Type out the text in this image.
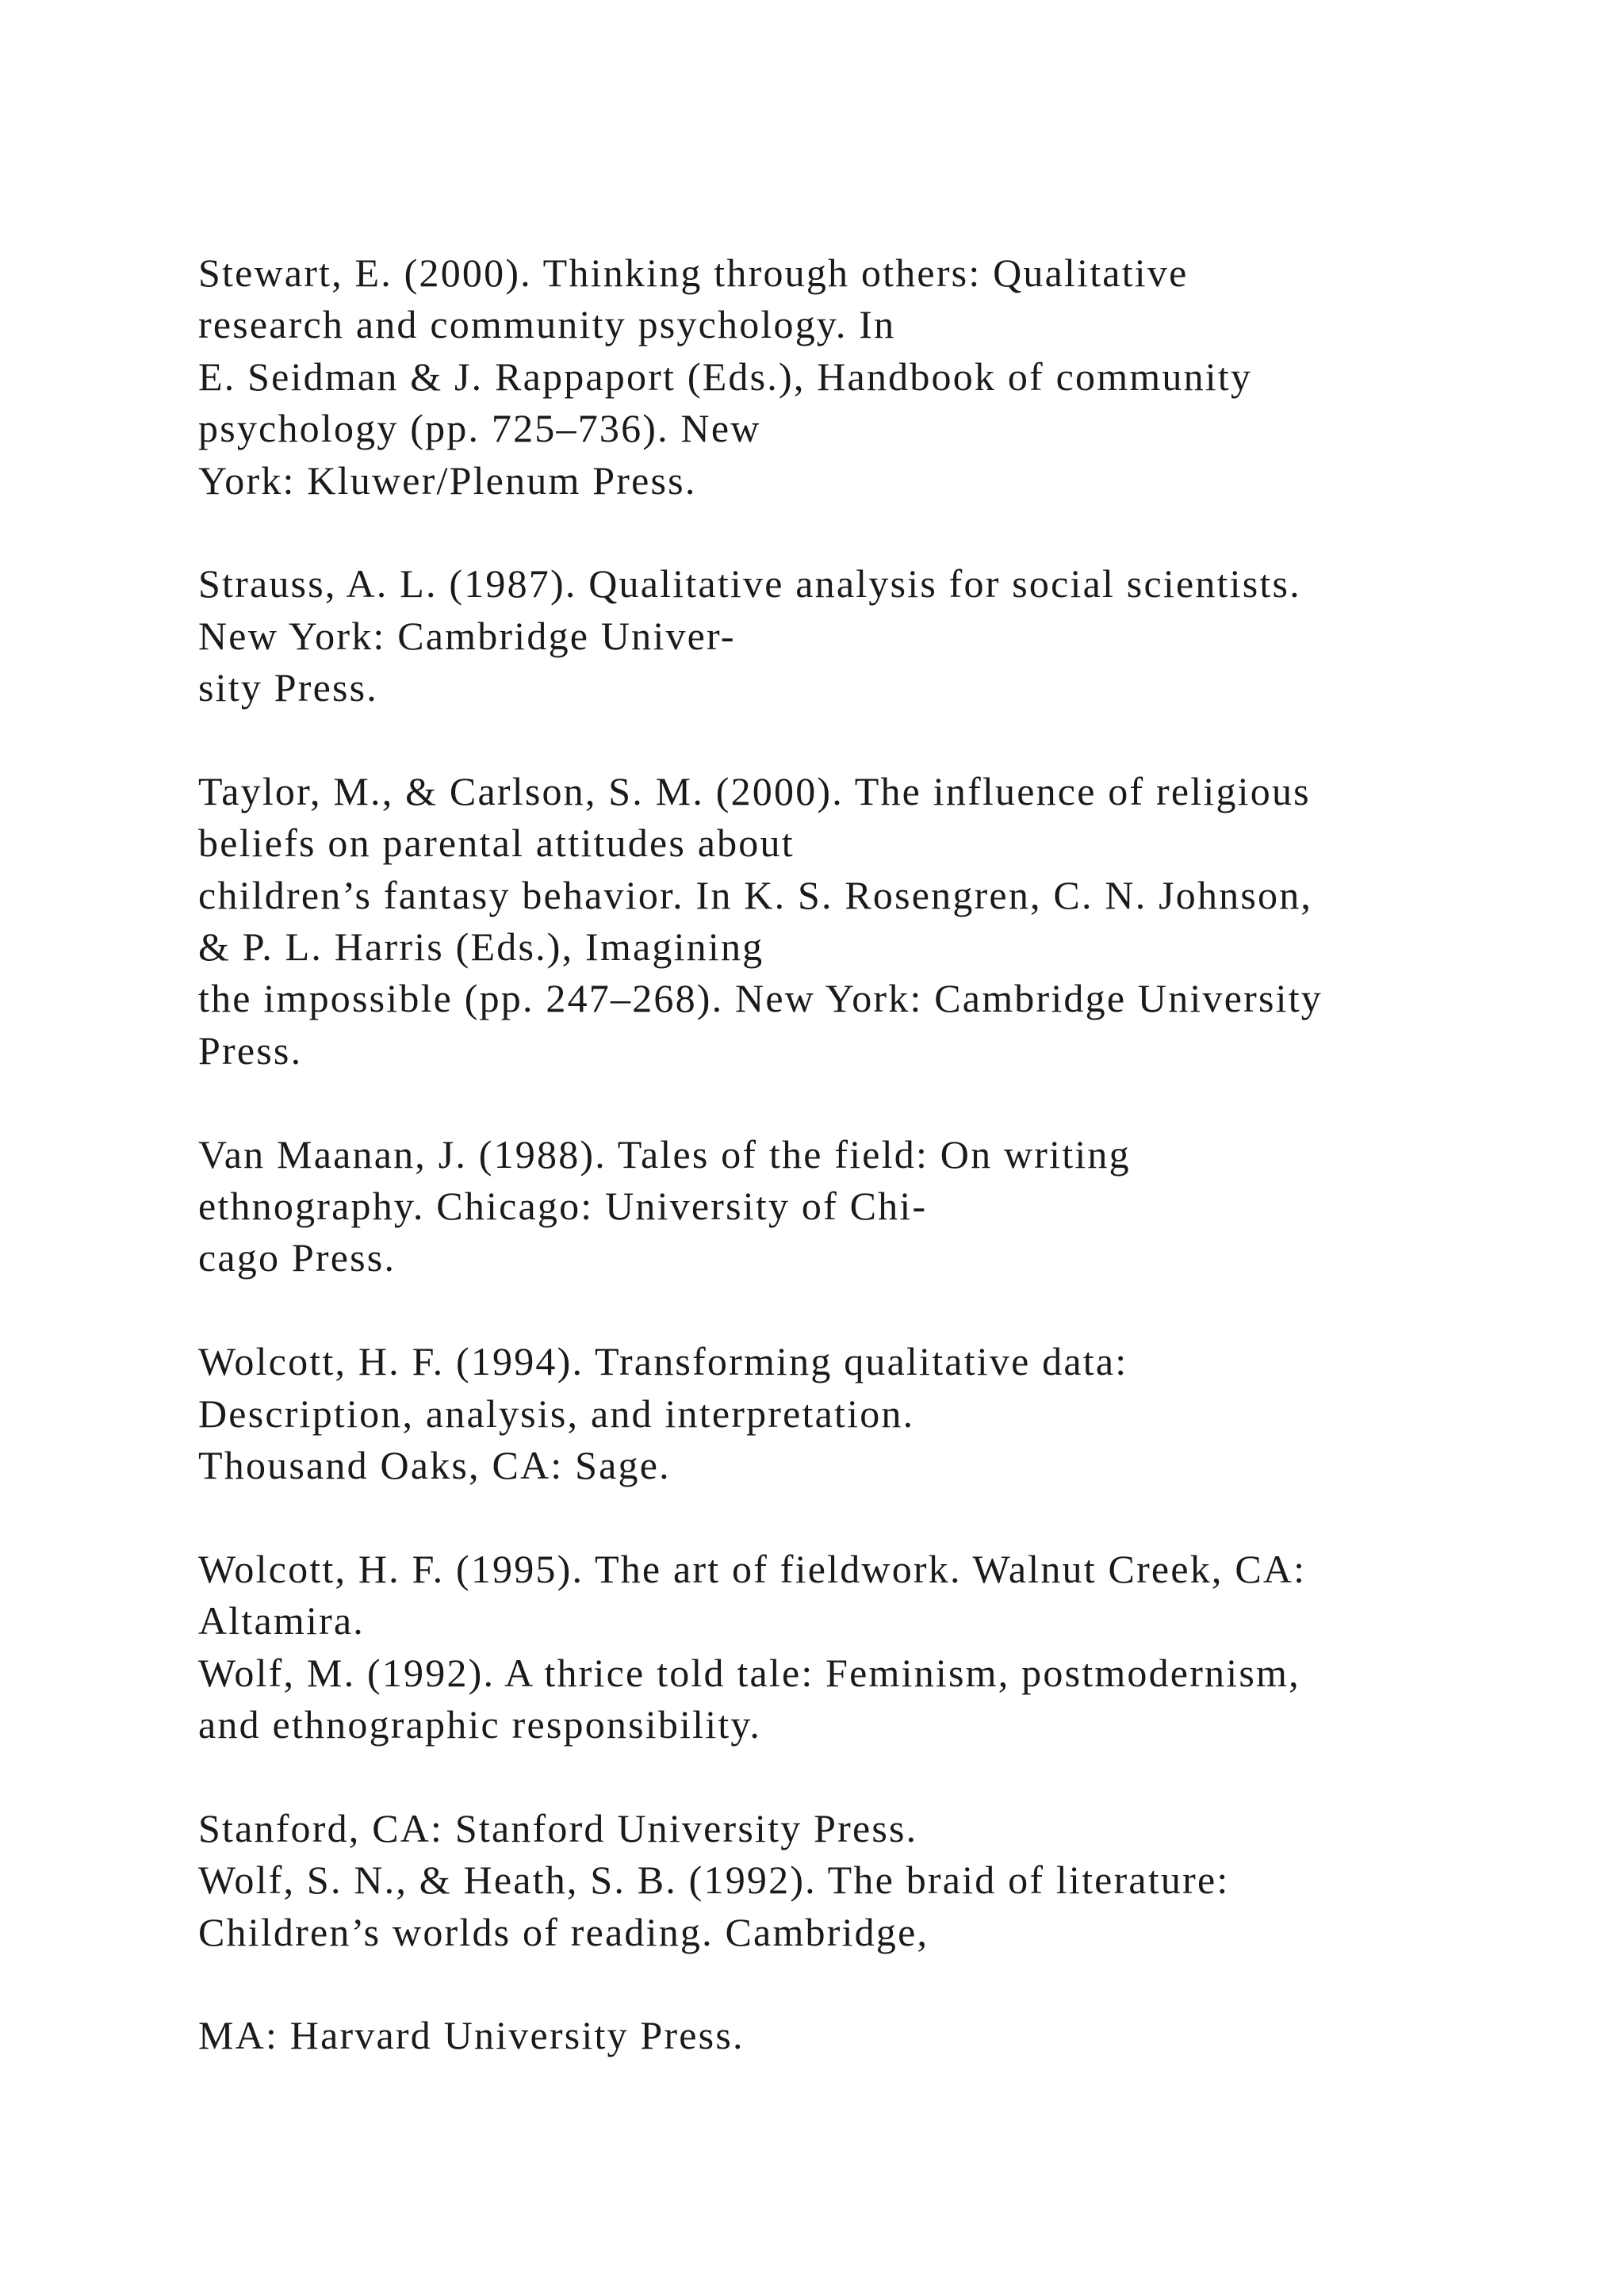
Stewart, E. (2000). Thinking through others: Qualitative
research and community psychology. In
E. Seidman & J. Rappaport (Eds.), Handbook of community
psychology (pp. 725–736). New
York: Kluwer/Plenum Press.
Strauss, A. L. (1987). Qualitative analysis for social scientists.
New York: Cambridge Univer-
sity Press.
Taylor, M., & Carlson, S. M. (2000). The influence of religious
beliefs on parental attitudes about
children’s fantasy behavior. In K. S. Rosengren, C. N. Johnson,
& P. L. Harris (Eds.), Imagining
the impossible (pp. 247–268). New York: Cambridge University
Press.
Van Maanan, J. (1988). Tales of the field: On writing
ethnography. Chicago: University of Chi-
cago Press.
Wolcott, H. F. (1994). Transforming qualitative data:
Description, analysis, and interpretation.
Thousand Oaks, CA: Sage.
Wolcott, H. F. (1995). The art of fieldwork. Walnut Creek, CA:
Altamira.
Wolf, M. (1992). A thrice told tale: Feminism, postmodernism,
and ethnographic responsibility.
Stanford, CA: Stanford University Press.
Wolf, S. N., & Heath, S. B. (1992). The braid of literature:
Children’s worlds of reading. Cambridge,
MA: Harvard University Press.
